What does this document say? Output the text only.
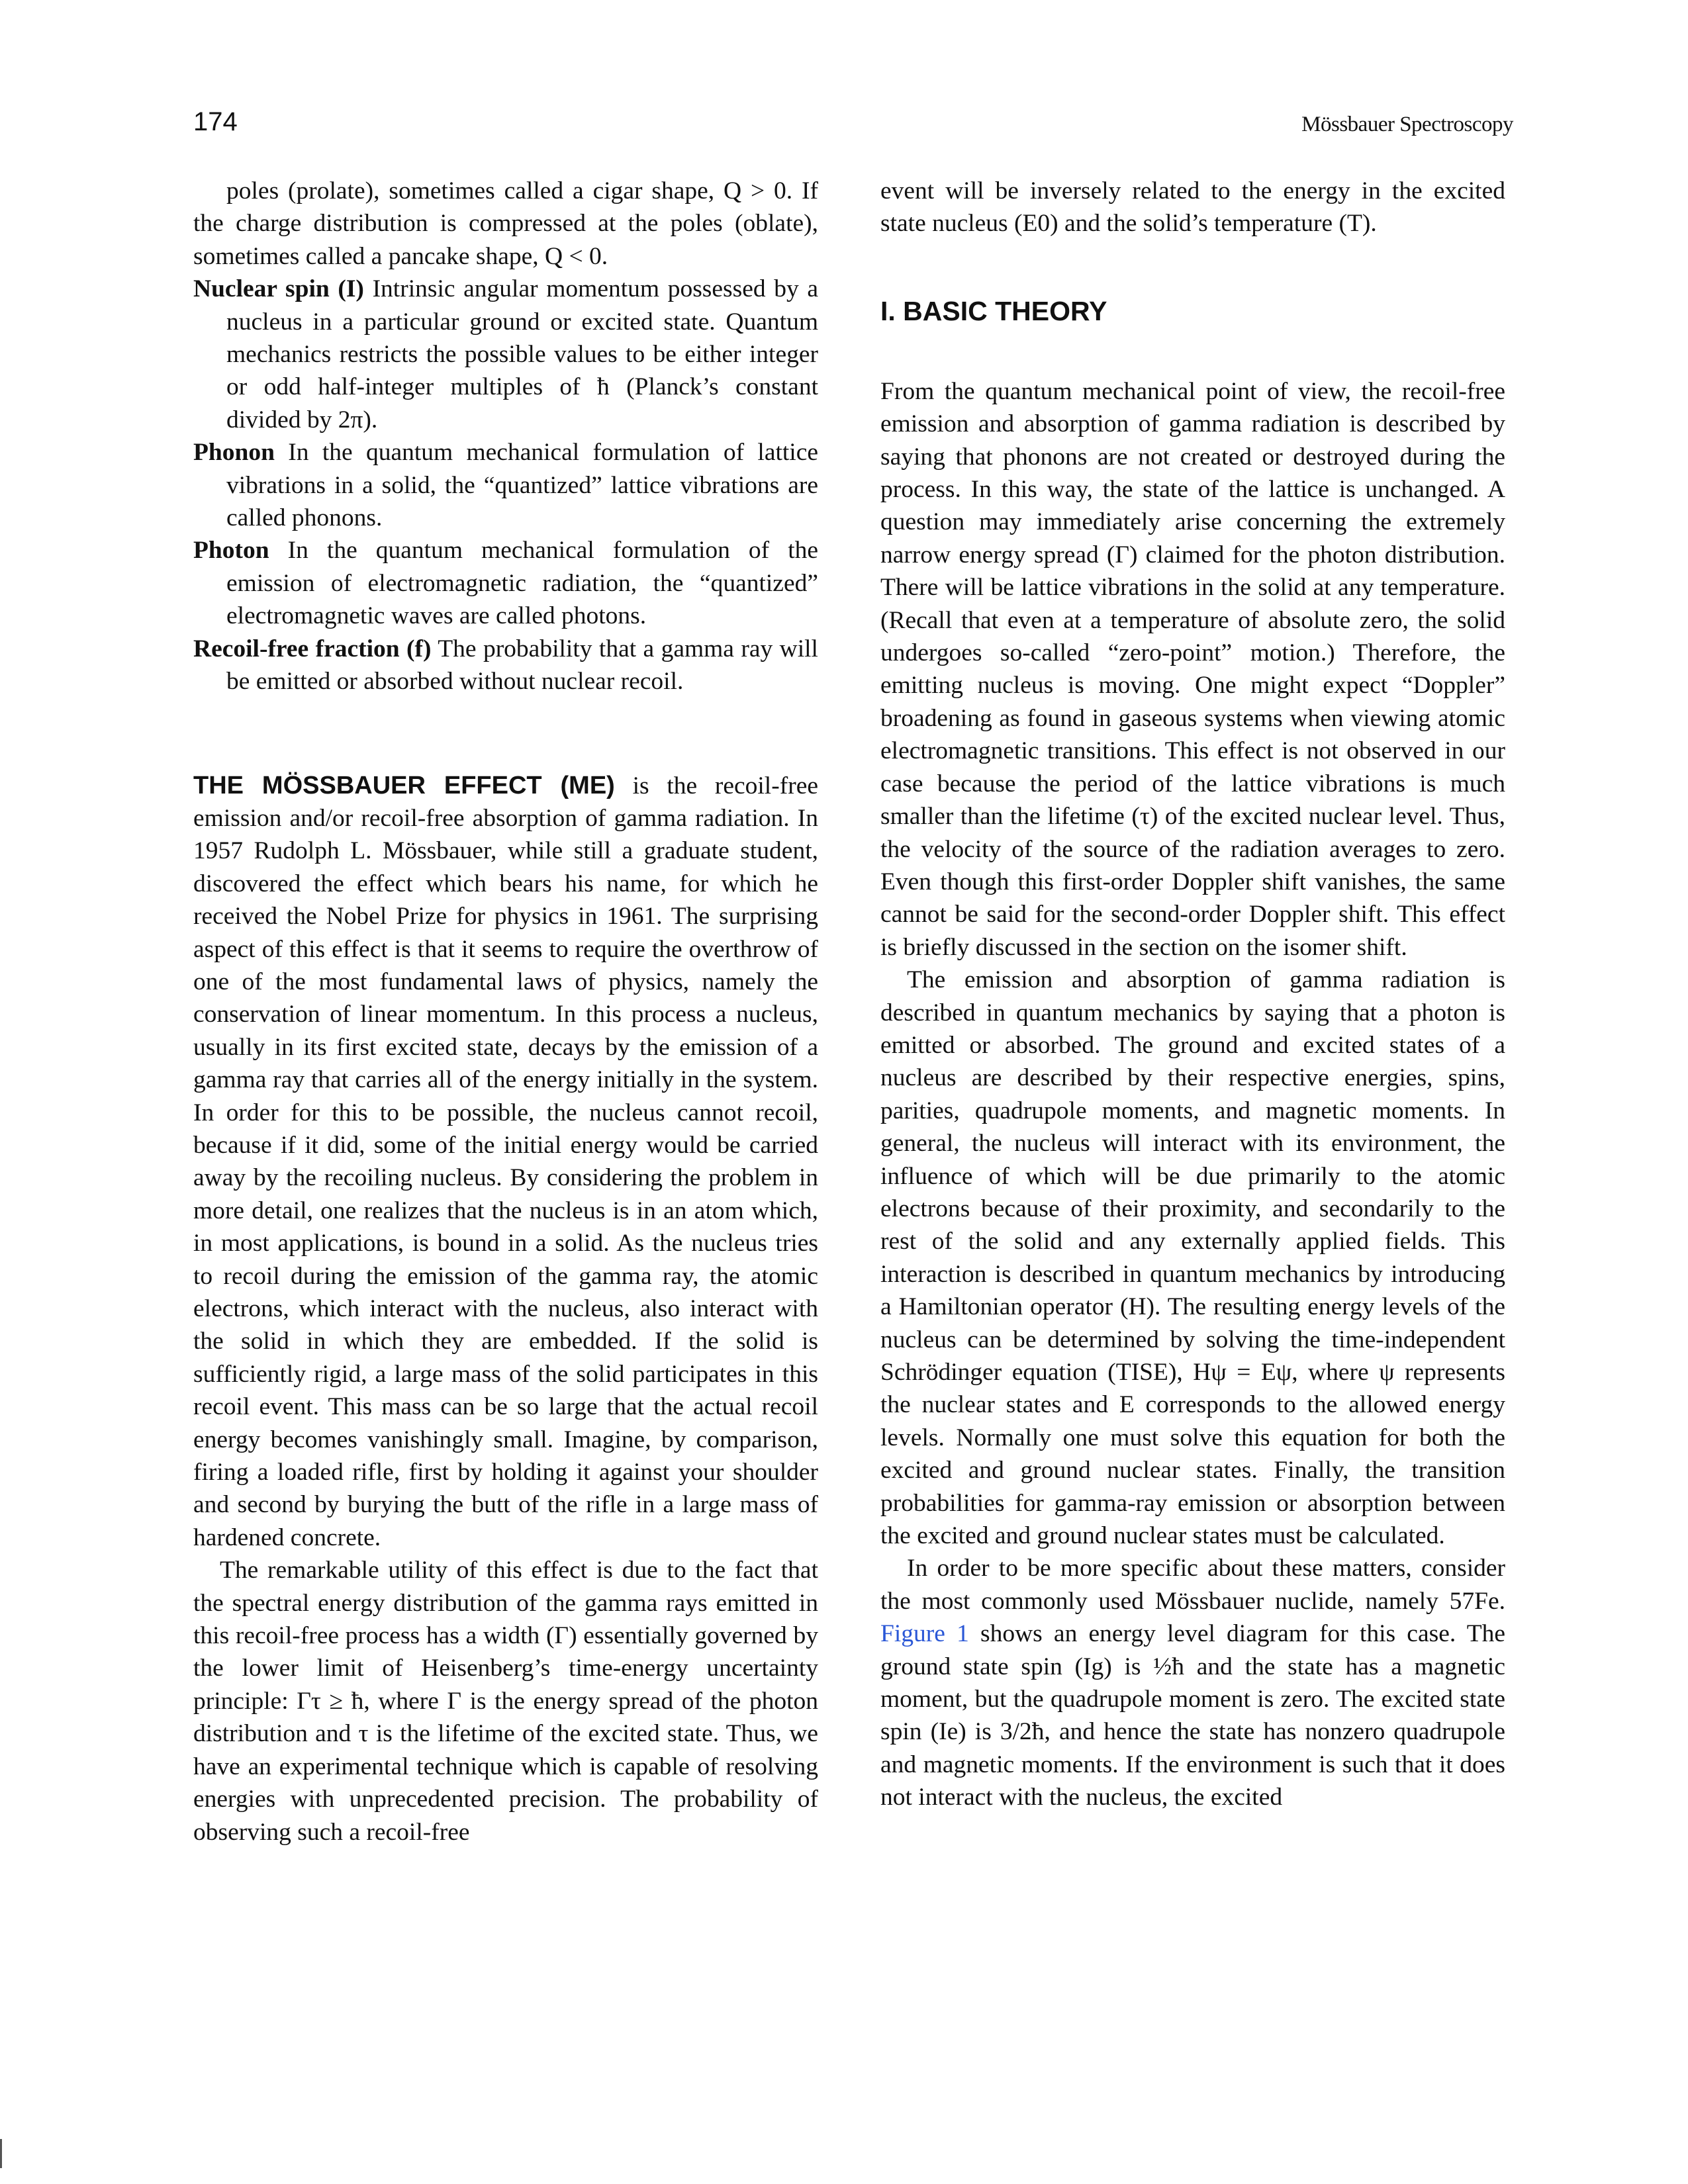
174	Mössbauer Spectroscopy

poles (prolate), sometimes called a cigar shape, Q > 0. If the charge distribution is compressed at the poles (oblate), sometimes called a pancake shape, Q < 0.

Nuclear spin (I) Intrinsic angular momentum possessed by a nucleus in a particular ground or excited state. Quantum mechanics restricts the possible values to be either integer or odd half-integer multiples of ħ (Planck’s constant divided by 2π).

Phonon In the quantum mechanical formulation of lattice vibrations in a solid, the “quantized” lattice vibrations are called phonons.

Photon In the quantum mechanical formulation of the emission of electromagnetic radiation, the “quantized” electromagnetic waves are called photons.

Recoil-free fraction (f) The probability that a gamma ray will be emitted or absorbed without nuclear recoil.

THE MÖSSBAUER EFFECT (ME) is the recoil-free emission and/or recoil-free absorption of gamma radiation. In 1957 Rudolph L. Mössbauer, while still a graduate student, discovered the effect which bears his name, for which he received the Nobel Prize for physics in 1961. The surprising aspect of this effect is that it seems to require the overthrow of one of the most fundamental laws of physics, namely the conservation of linear momentum. In this process a nucleus, usually in its first excited state, decays by the emission of a gamma ray that carries all of the energy initially in the system. In order for this to be possible, the nucleus cannot recoil, because if it did, some of the initial energy would be carried away by the recoiling nucleus. By considering the problem in more detail, one realizes that the nucleus is in an atom which, in most applications, is bound in a solid. As the nucleus tries to recoil during the emission of the gamma ray, the atomic electrons, which interact with the nucleus, also interact with the solid in which they are embedded. If the solid is sufficiently rigid, a large mass of the solid participates in this recoil event. This mass can be so large that the actual recoil energy becomes vanishingly small. Imagine, by comparison, firing a loaded rifle, first by holding it against your shoulder and second by burying the butt of the rifle in a large mass of hardened concrete.

The remarkable utility of this effect is due to the fact that the spectral energy distribution of the gamma rays emitted in this recoil-free process has a width (Γ) essentially governed by the lower limit of Heisenberg’s time-energy uncertainty principle: Γτ ≥ ħ, where Γ is the energy spread of the photon distribution and τ is the lifetime of the excited state. Thus, we have an experimental technique which is capable of resolving energies with unprecedented precision. The probability of observing such a recoil-free

event will be inversely related to the energy in the excited state nucleus (E0) and the solid’s temperature (T).

I. BASIC THEORY

From the quantum mechanical point of view, the recoil-free emission and absorption of gamma radiation is described by saying that phonons are not created or destroyed during the process. In this way, the state of the lattice is unchanged. A question may immediately arise concerning the extremely narrow energy spread (Γ) claimed for the photon distribution. There will be lattice vibrations in the solid at any temperature. (Recall that even at a temperature of absolute zero, the solid undergoes so-called “zero-point” motion.) Therefore, the emitting nucleus is moving. One might expect “Doppler” broadening as found in gaseous systems when viewing atomic electromagnetic transitions. This effect is not observed in our case because the period of the lattice vibrations is much smaller than the lifetime (τ) of the excited nuclear level. Thus, the velocity of the source of the radiation averages to zero. Even though this first-order Doppler shift vanishes, the same cannot be said for the second-order Doppler shift. This effect is briefly discussed in the section on the isomer shift.

The emission and absorption of gamma radiation is described in quantum mechanics by saying that a photon is emitted or absorbed. The ground and excited states of a nucleus are described by their respective energies, spins, parities, quadrupole moments, and magnetic moments. In general, the nucleus will interact with its environment, the influence of which will be due primarily to the atomic electrons because of their proximity, and secondarily to the rest of the solid and any externally applied fields. This interaction is described in quantum mechanics by introducing a Hamiltonian operator (H). The resulting energy levels of the nucleus can be determined by solving the time-independent Schrödinger equation (TISE), Hψ = Eψ, where ψ represents the nuclear states and E corresponds to the allowed energy levels. Normally one must solve this equation for both the excited and ground nuclear states. Finally, the transition probabilities for gamma-ray emission or absorption between the excited and ground nuclear states must be calculated.

In order to be more specific about these matters, consider the most commonly used Mössbauer nuclide, namely 57Fe. Figure 1 shows an energy level diagram for this case. The ground state spin (Ig) is ½ħ and the state has a magnetic moment, but the quadrupole moment is zero. The excited state spin (Ie) is 3/2ħ, and hence the state has nonzero quadrupole and magnetic moments. If the environment is such that it does not interact with the nucleus, the excited
